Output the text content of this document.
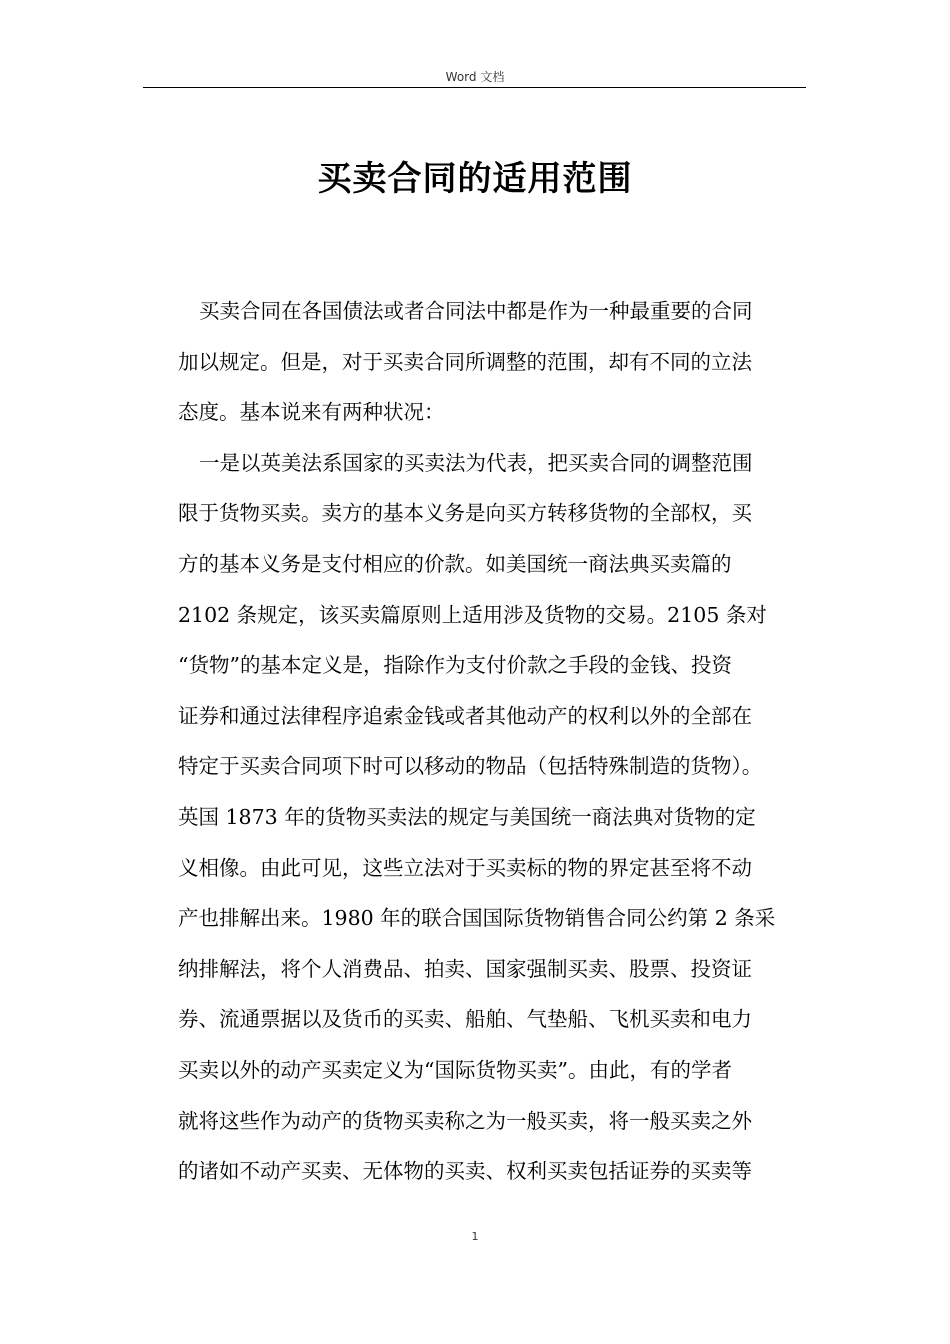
Word 文档
买卖合同的适用范围
买卖合同在各国债法或者合同法中都是作为一种最重要的合同
加以规定。但是，对于买卖合同所调整的范围，却有不同的立法
态度。基本说来有两种状况：
一是以英美法系国家的买卖法为代表，把买卖合同的调整范围
限于货物买卖。卖方的基本义务是向买方转移货物的全部权，买
方的基本义务是支付相应的价款。如美国统一商法典买卖篇的
2102 条规定，该买卖篇原则上适用涉及货物的交易。2105 条对
“货物”的基本定义是，指除作为支付价款之手段的金钱、投资
证券和通过法律程序追索金钱或者其他动产的权利以外的全部在
特定于买卖合同项下时可以移动的物品（包括特殊制造的货物）。
英国 1873 年的货物买卖法的规定与美国统一商法典对货物的定
义相像。由此可见，这些立法对于买卖标的物的界定甚至将不动
产也排解出来。1980 年的联合国国际货物销售合同公约第 2 条采
纳排解法，将个人消费品、拍卖、国家强制买卖、股票、投资证
券、流通票据以及货币的买卖、船舶、气垫船、飞机买卖和电力
买卖以外的动产买卖定义为“国际货物买卖”。由此，有的学者
就将这些作为动产的货物买卖称之为一般买卖，将一般买卖之外
的诸如不动产买卖、无体物的买卖、权利买卖包括证券的买卖等
1
